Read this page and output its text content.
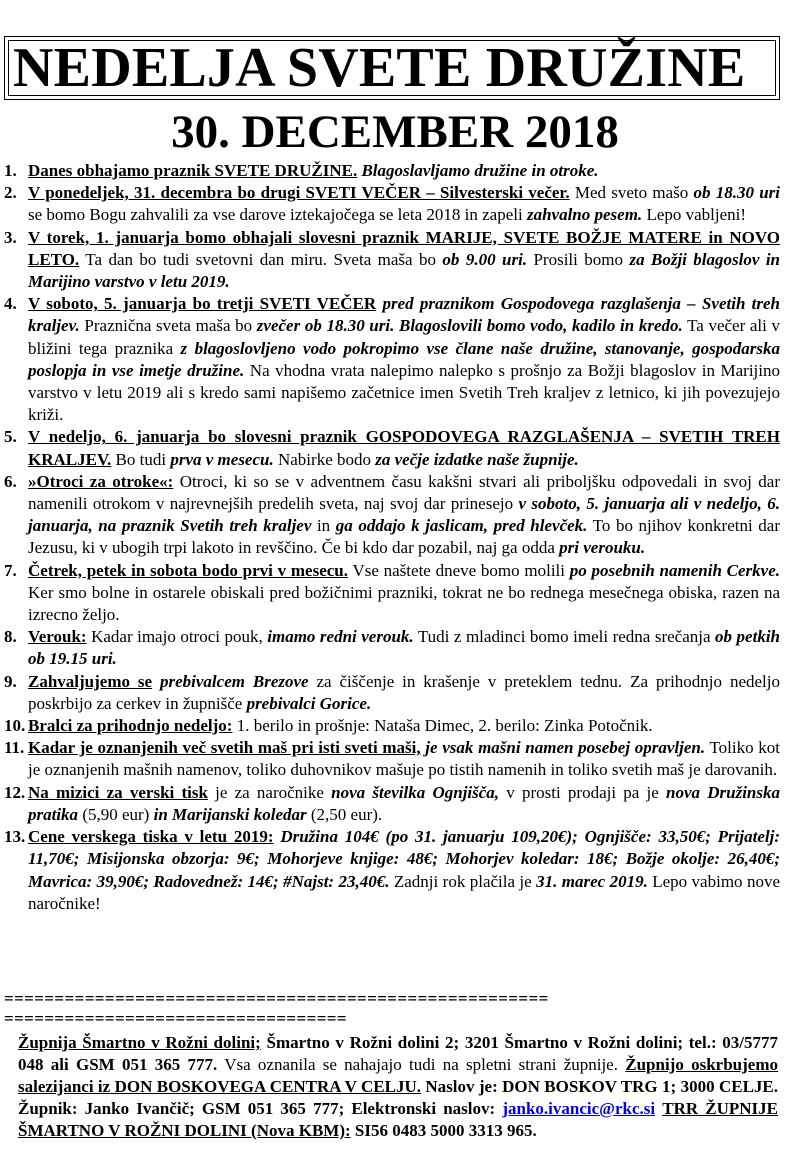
NEDELJA SVETE DRUŽINE
30. DECEMBER 2018
1. Danes obhajamo praznik SVETE DRUŽINE. Blagoslavljamo družine in otroke.
2. V ponedeljek, 31. decembra bo drugi SVETI VEČER – Silvesterski večer. Med sveto mašo ob 18.30 uri se bomo Bogu zahvalili za vse darove iztekajočega se leta 2018 in zapeli zahvalno pesem. Lepo vabljeni!
3. V torek, 1. januarja bomo obhajali slovesni praznik MARIJE, SVETE BOŽJE MATERE in NOVO LETO. Ta dan bo tudi svetovni dan miru. Sveta maša bo ob 9.00 uri. Prosili bomo za Božji blagoslov in Marijino varstvo v letu 2019.
4. V soboto, 5. januarja bo tretji SVETI VEČER pred praznikom Gospodovega razglašenja – Svetih treh kraljev. Praznična sveta maša bo zvečer ob 18.30 uri. Blagoslovili bomo vodo, kadilo in kredo. Ta večer ali v bližini tega praznika z blagoslovljeno vodo pokropimo vse člane naše družine, stanovanje, gospodarska poslopja in vse imetje družine. Na vhodna vrata nalepimo nalepko s prošnjo za Božji blagoslov in Marijino varstvo v letu 2019 ali s kredo sami napišemo začetnice imen Svetih Treh kraljev z letnico, ki jih povezujejo križi.
5. V nedeljo, 6. januarja bo slovesni praznik GOSPODOVEGA RAZGLAŠENJA – SVETIH TREH KRALJEV. Bo tudi prva v mesecu. Nabirke bodo za večje izdatke naše župnije.
6. »Otroci za otroke«: Otroci, ki so se v adventnem času kakšni stvari ali priboljšku odpovedali in svoj dar namenili otrokom v najrevnejših predelih sveta, naj svoj dar prinesejo v soboto, 5. januarja ali v nedeljo, 6. januarja, na praznik Svetih treh kraljev in ga oddajo k jaslicam, pred hlevček. To bo njihov konkretni dar Jezusu, ki v ubogih trpi lakoto in revščino. Če bi kdo dar pozabil, naj ga odda pri verouku.
7. Četrek, petek in sobota bodo prvi v mesecu. Vse naštete dneve bomo molili po posebnih namenih Cerkve. Ker smo bolne in ostarele obiskali pred božičnimi prazniki, tokrat ne bo rednega mesečnega obiska, razen na izrecno željo.
8. Verouk: Kadar imajo otroci pouk, imamo redni verouk. Tudi z mladinci bomo imeli redna srečanja ob petkih ob 19.15 uri.
9. Zahvaljujemo se prebivalcem Brezove za čiščenje in krašenje v preteklem tednu. Za prihodnjo nedeljo poskrbijo za cerkev in župnišče prebivalci Gorice.
10. Bralci za prihodnjo nedeljo: 1. berilo in prošnje: Nataša Dimec, 2. berilo: Zinka Potočnik.
11. Kadar je oznanjenih več svetih maš pri isti sveti maši, je vsak mašni namen posebej opravljen. Toliko kot je oznanjenih mašnih namenov, toliko duhovnikov mašuje po tistih namenih in toliko svetih maš je darovanih.
12. Na mizici za verski tisk je za naročnike nova številka Ognjišča, v prosti prodaji pa je nova Družinska pratika (5,90 eur) in Marijanski koledar (2,50 eur).
13. Cene verskega tiska v letu 2019: Družina 104€ (po 31. januarju 109,20€); Ognjišče: 33,50€; Prijatelj: 11,70€; Misijonska obzorja: 9€; Mohorjeve knjige: 48€; Mohorjev koledar: 18€; Božje okolje: 26,40€; Mavrica: 39,90€; Radovednež: 14€; #Najst: 23,40€. Zadnji rok plačila je 31. marec 2019. Lepo vabimo nove naročnike!
======================================================
==================================
Župnija Šmartno v Rožni dolini; Šmartno v Rožni dolini 2; 3201 Šmartno v Rožni dolini; tel.: 03/5777 048 ali GSM 051 365 777. Vsa oznanila se nahajajo tudi na spletni strani župnije. Župnijo oskrbujemo salezijanci iz DON BOSKOVEGA CENTRA V CELJU. Naslov je: DON BOSKOV TRG 1; 3000 CELJE. Župnik: Janko Ivančič; GSM 051 365 777; Elektronski naslov: janko.ivancic@rkc.si TRR ŽUPNIJE ŠMARTNO V ROŽNI DOLINI (Nova KBM): SI56 0483 5000 3313 965.
